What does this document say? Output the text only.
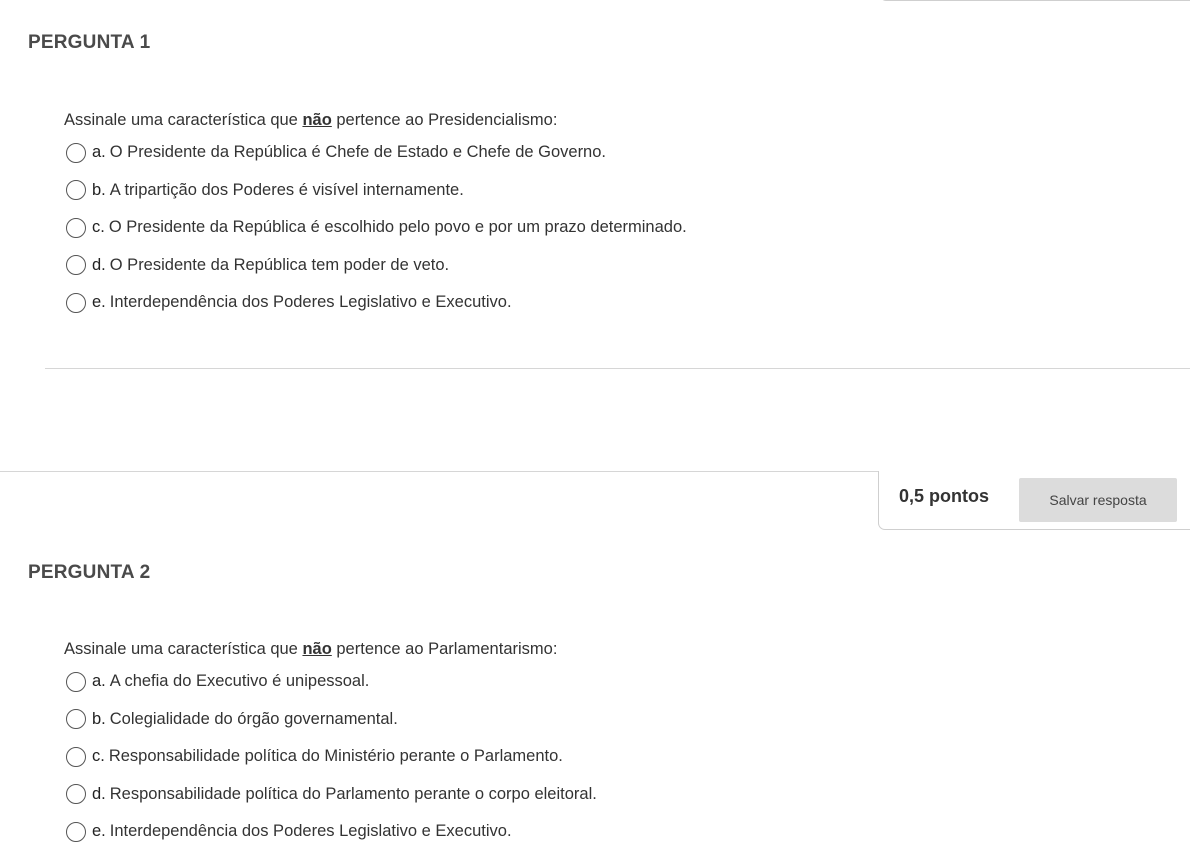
PERGUNTA 1
Assinale uma característica que não pertence ao Presidencialismo:
a. O Presidente da República é Chefe de Estado e Chefe de Governo.
b. A tripartição dos Poderes é visível internamente.
c. O Presidente da República é escolhido pelo povo e por um prazo determinado.
d. O Presidente da República tem poder de veto.
e. Interdependência dos Poderes Legislativo e Executivo.
0,5 pontos	Salvar resposta
PERGUNTA 2
Assinale uma característica que não pertence ao Parlamentarismo:
a. A chefia do Executivo é unipessoal.
b. Colegialidade do órgão governamental.
c. Responsabilidade política do Ministério perante o Parlamento.
d. Responsabilidade política do Parlamento perante o corpo eleitoral.
e. Interdependência dos Poderes Legislativo e Executivo.
